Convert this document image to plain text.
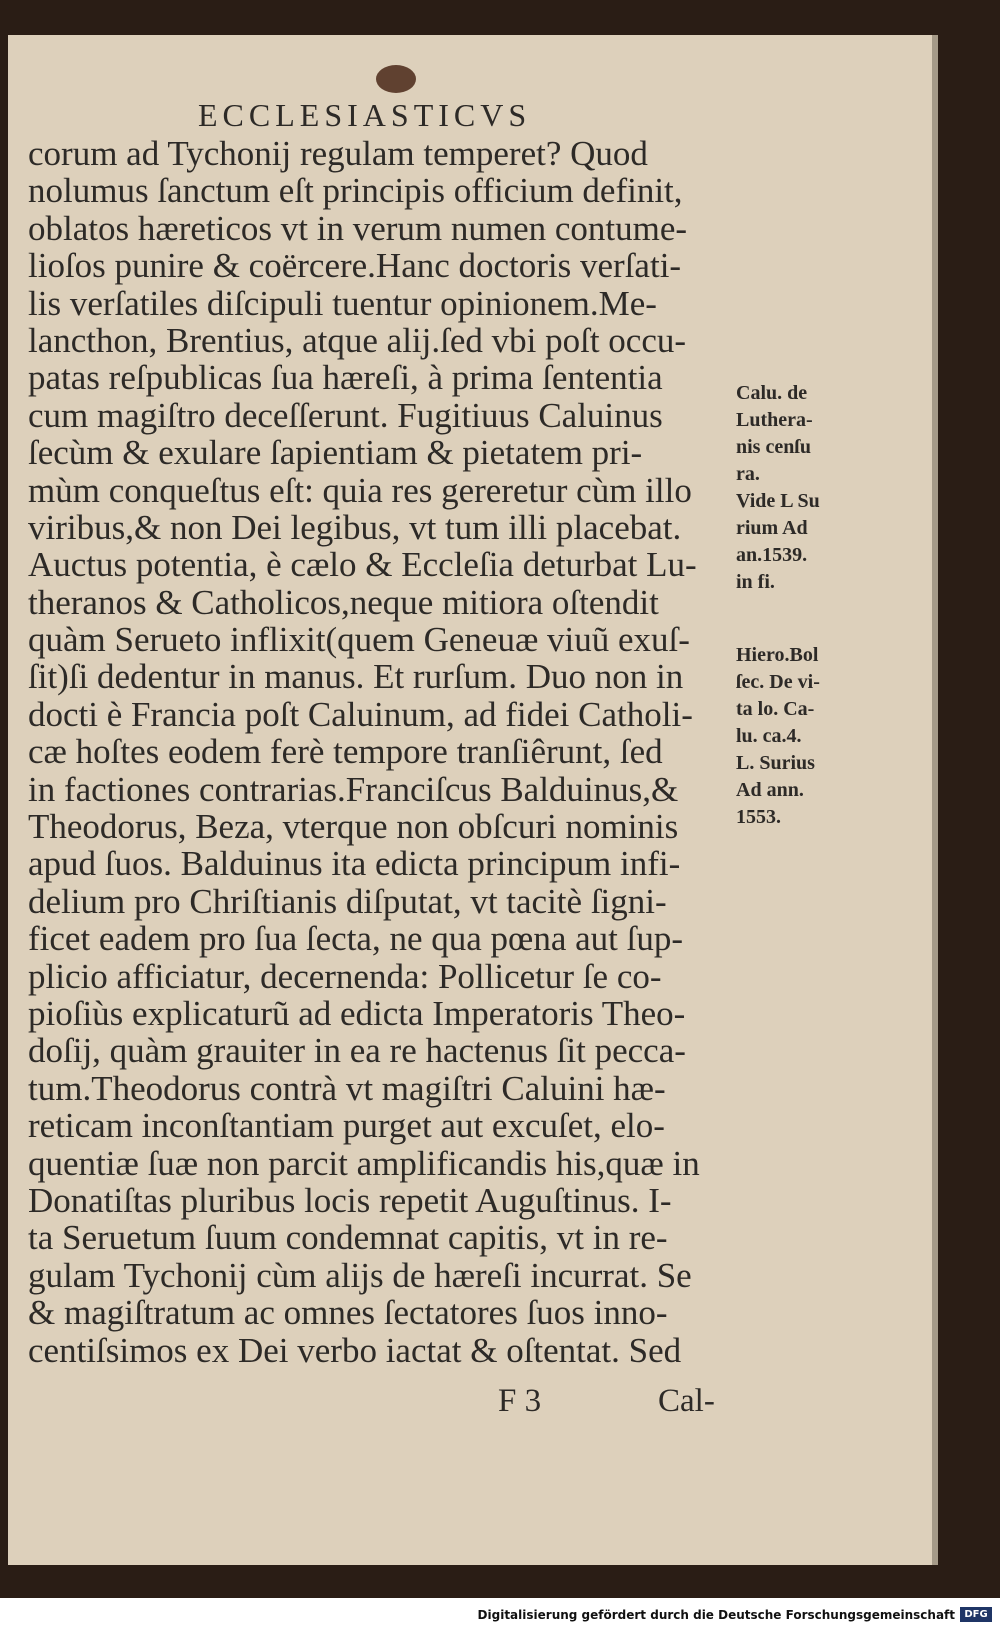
ECCLESIASTICVS
corum ad Tychonij regulam temperet? Quod
nolumus ſanctum eſt principis officium definit,
oblatos hæreticos vt in verum numen contume-
lioſos punire & coërcere.Hanc doctoris verſati-
lis verſatiles diſcipuli tuentur opinionem.Me-
lancthon, Brentius, atque alij.ſed vbi poſt occu-
patas reſpublicas ſua hæreſi, à prima ſententia
cum magiſtro deceſſerunt. Fugitiuus Caluinus
ſecùm & exulare ſapientiam & pietatem pri-
mùm conqueſtus eſt: quia res gereretur cùm illo
viribus,& non Dei legibus, vt tum illi placebat.
Auctus potentia, è cælo & Eccleſia deturbat Lu-
theranos & Catholicos,neque mitiora oſtendit
quàm Serueto inflixit(quem Geneuæ viuũ exuſ-
ſit)ſi dedentur in manus. Et rurſum. Duo non in
docti è Francia poſt Caluinum, ad fidei Catholi-
cæ hoſtes eodem ferè tempore tranſiêrunt, ſed
in factiones contrarias.Franciſcus Balduinus,&
Theodorus, Beza, vterque non obſcuri nominis
apud ſuos. Balduinus ita edicta principum infi-
delium pro Chriſtianis diſputat, vt tacitè ſigni-
ficet eadem pro ſua ſecta, ne qua pœna aut ſup-
plicio afficiatur, decernenda: Pollicetur ſe co-
pioſiùs explicaturũ ad edicta Imperatoris Theo-
doſij, quàm grauiter in ea re hactenus ſit pecca-
tum.Theodorus contrà vt magiſtri Caluini hæ-
reticam inconſtantiam purget aut excuſet, elo-
quentiæ ſuæ non parcit amplificandis his,quæ in
Donatiſtas pluribus locis repetit Auguſtinus. I-
ta Seruetum ſuum condemnat capitis, vt in re-
gulam Tychonij cùm alijs de hæreſi incurrat. Se
& magiſtratum ac omnes ſectatores ſuos inno-
centiſsimos ex Dei verbo iactat & oſtentat. Sed
Calu. de
Luthera-
nis cenſu
ra.
Vide L Su
rium Ad
an.1539.
in fi.
Hiero.Bol
ſec. De vi-
ta lo. Ca-
lu. ca.4.
L. Surius
Ad ann.
1553.
F 3	Cal-
Digitalisierung gefördert durch die Deutsche Forschungsgemeinschaft DFG
